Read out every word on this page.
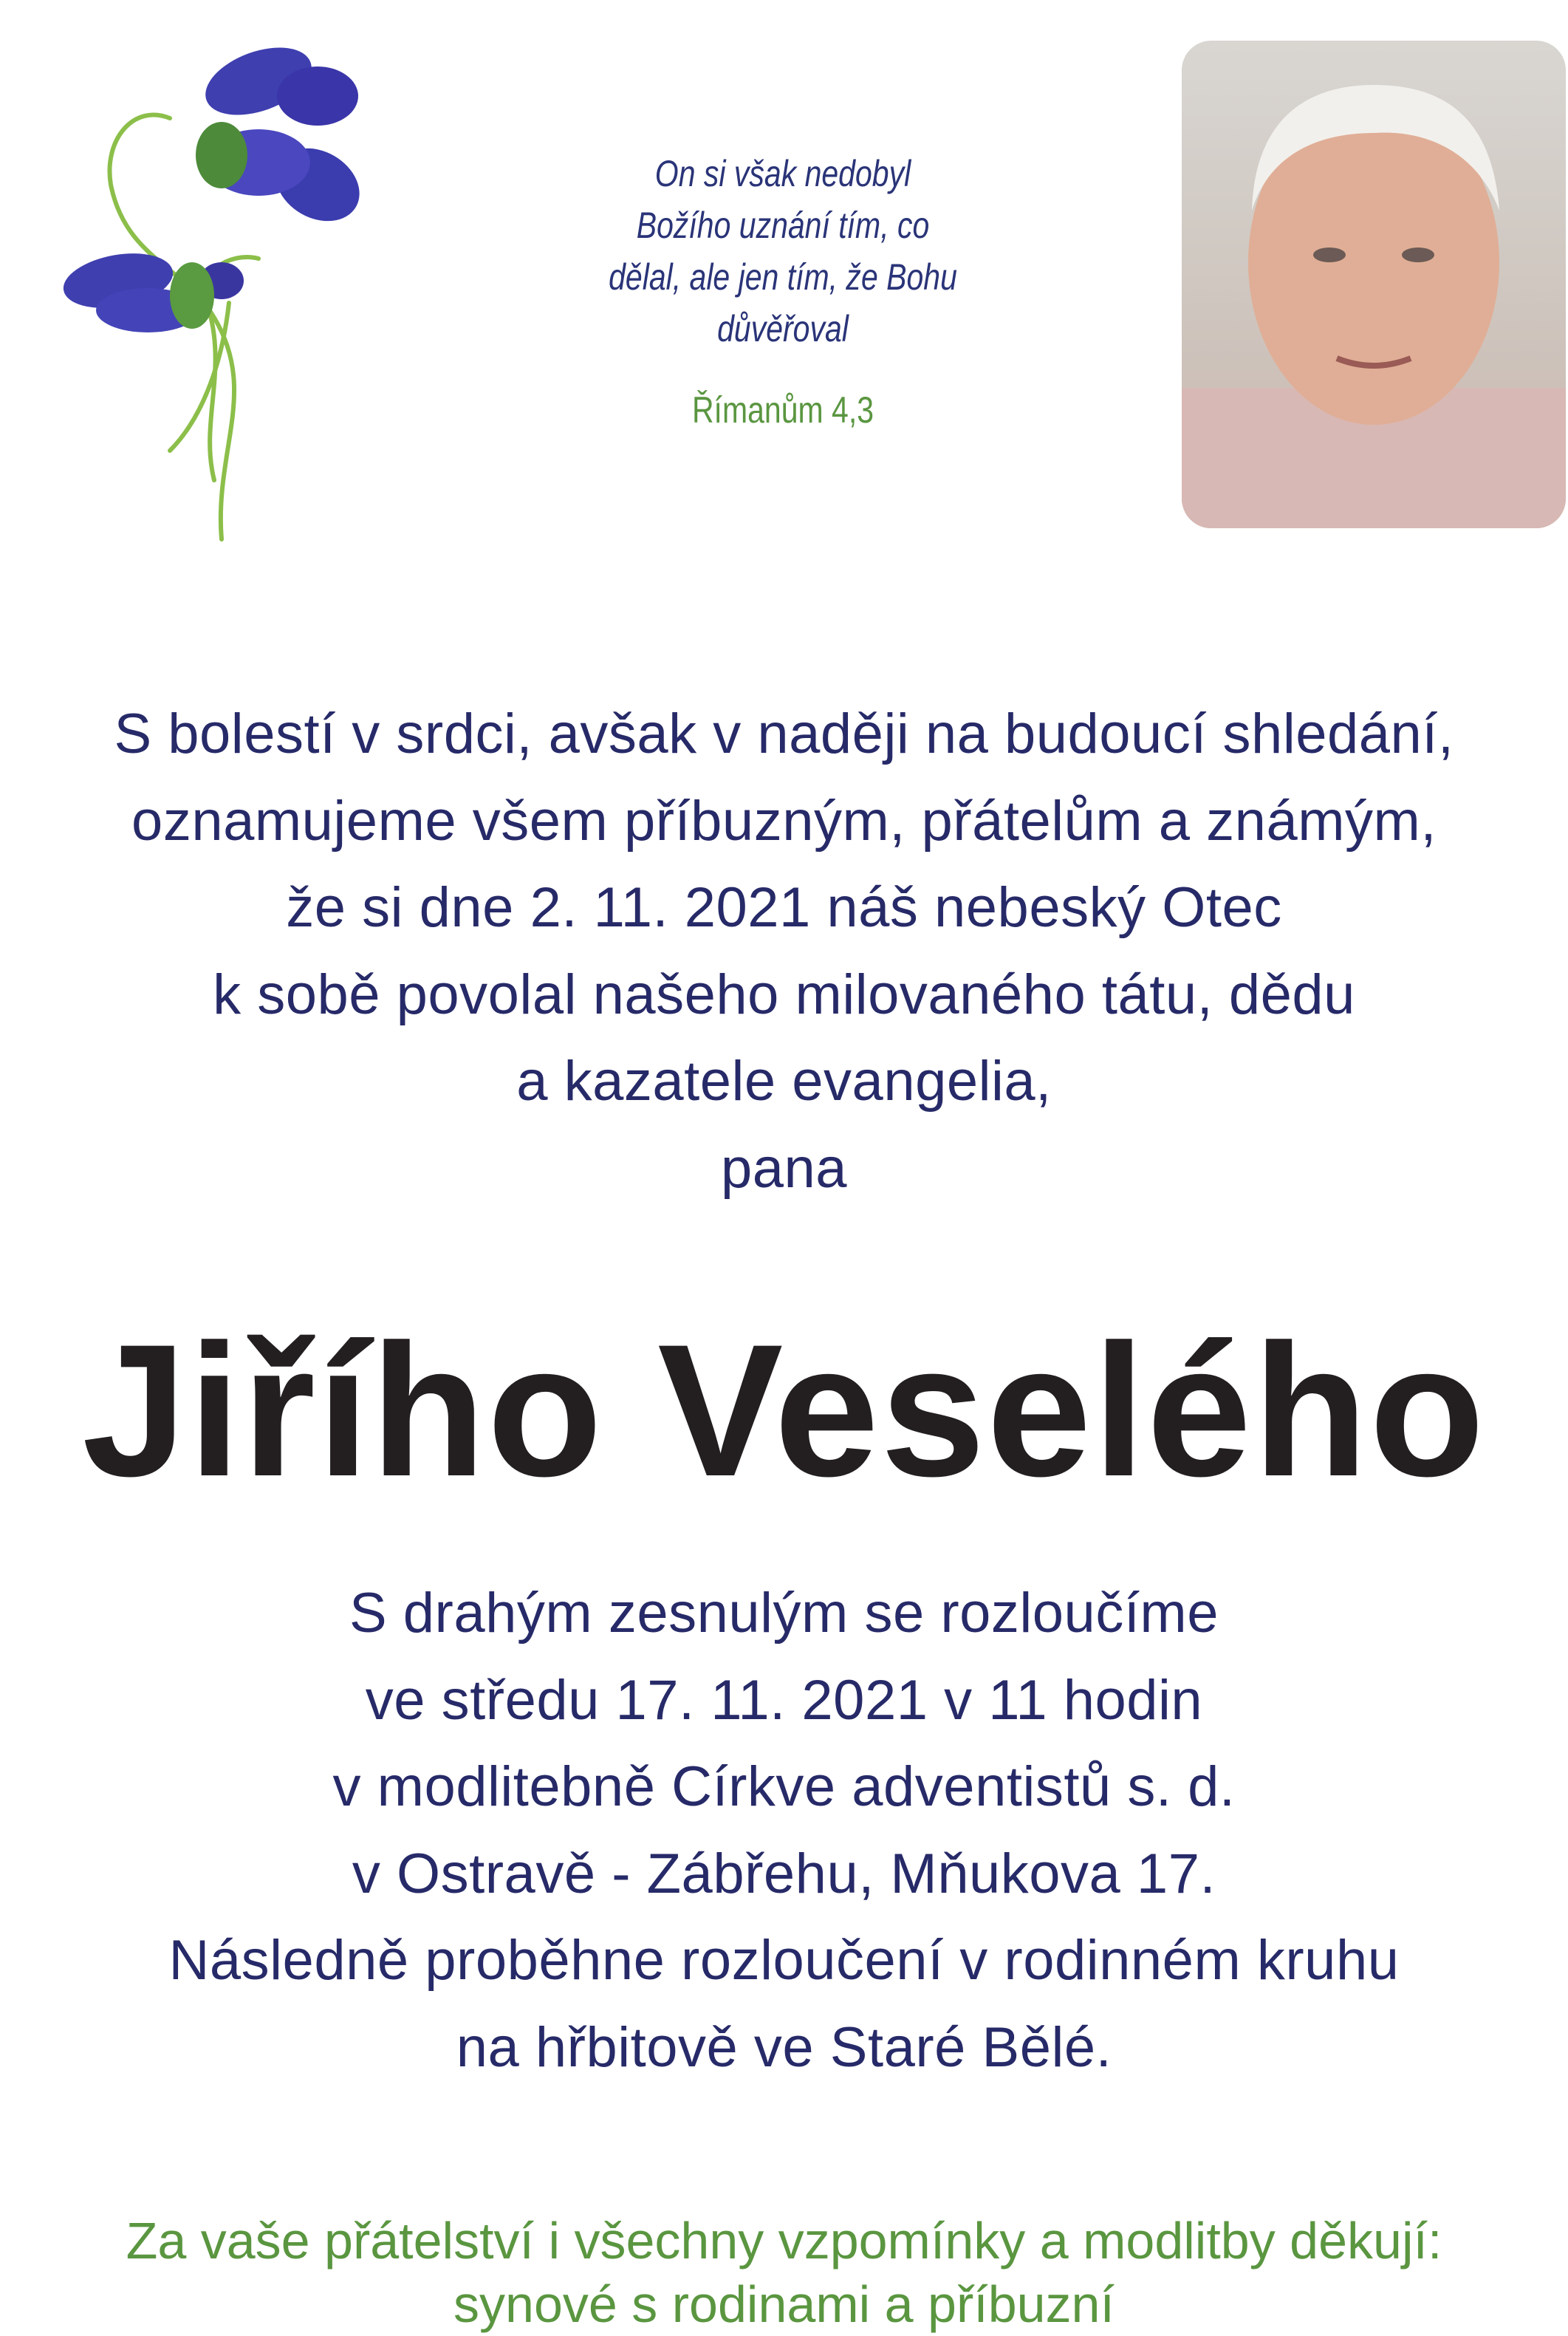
On si však nedobyl
Božího uznání tím, co
dělal, ale jen tím, že Bohu
důvěřoval
Římanům 4,3
S bolestí v srdci, avšak v naději na budoucí shledání,
oznamujeme všem příbuzným, přátelům a známým,
že si dne 2. 11. 2021 náš nebeský Otec
k sobě povolal našeho milovaného tátu, dědu
a kazatele evangelia,
pana
Jiřího Veselého
S drahým zesnulým se rozloučíme
ve středu 17. 11. 2021 v 11 hodin
v modlitebně Církve adventistů s. d.
v Ostravě - Zábřehu, Mňukova 17.
Následně proběhne rozloučení v rodinném kruhu
na hřbitově ve Staré Bělé.
Za vaše přátelství i všechny vzpomínky a modlitby děkují:
synové s rodinami a příbuzní
